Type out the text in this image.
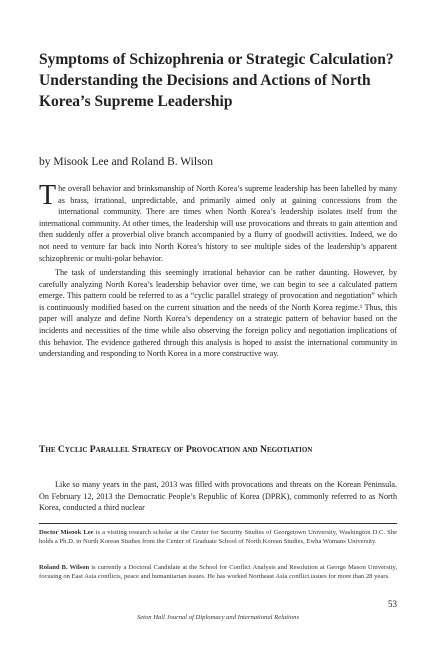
Symptoms of Schizophrenia or Strategic Calculation? Understanding the Decisions and Actions of North Korea’s Supreme Leadership

by Misook Lee and Roland B. Wilson

The overall behavior and brinksmanship of North Korea’s supreme leadership has been labelled by many as brass, irrational, unpredictable, and primarily aimed only at gaining concessions from the international community. There are times when North Korea’s leadership isolates itself from the international community. At other times, the leadership will use provocations and threats to gain attention and then suddenly offer a proverbial olive branch accompanied by a flurry of goodwill activities. Indeed, we do not need to venture far back into North Korea’s history to see multiple sides of the leadership’s apparent schizophrenic or multi-polar behavior.

The task of understanding this seemingly irrational behavior can be rather daunting. However, by carefully analyzing North Korea’s leadership behavior over time, we can begin to see a calculated pattern emerge. This pattern could be referred to as a “cyclic parallel strategy of provocation and negotiation” which is continuously modified based on the current situation and the needs of the North Korea regime.¹ Thus, this paper will analyze and define North Korea’s dependency on a strategic pattern of behavior based on the incidents and necessities of the time while also observing the foreign policy and negotiation implications of this behavior. The evidence gathered through this analysis is hoped to assist the international community in understanding and responding to North Korea in a more constructive way.

The Cyclic Parallel Strategy of Provocation and Negotiation

Like so many years in the past, 2013 was filled with provocations and threats on the Korean Peninsula. On February 12, 2013 the Democratic People’s Republic of Korea (DPRK), commonly referred to as North Korea, conducted a third nuclear

Doctor Misook Lee is a visiting research scholar at the Center for Security Studies of Georgetown University, Washington D.C. She holds a Ph.D. in North Korean Studies from the Center of Graduate School of North Korean Studies, Ewha Womans University.

Roland B. Wilson is currently a Doctoral Candidate at the School for Conflict Analysis and Resolution at George Mason University, focusing on East Asia conflicts, peace and humanitarian issues. He has worked Northeast Asia conflict issues for more than 28 years.

53

Seton Hall Journal of Diplomacy and International Relations
